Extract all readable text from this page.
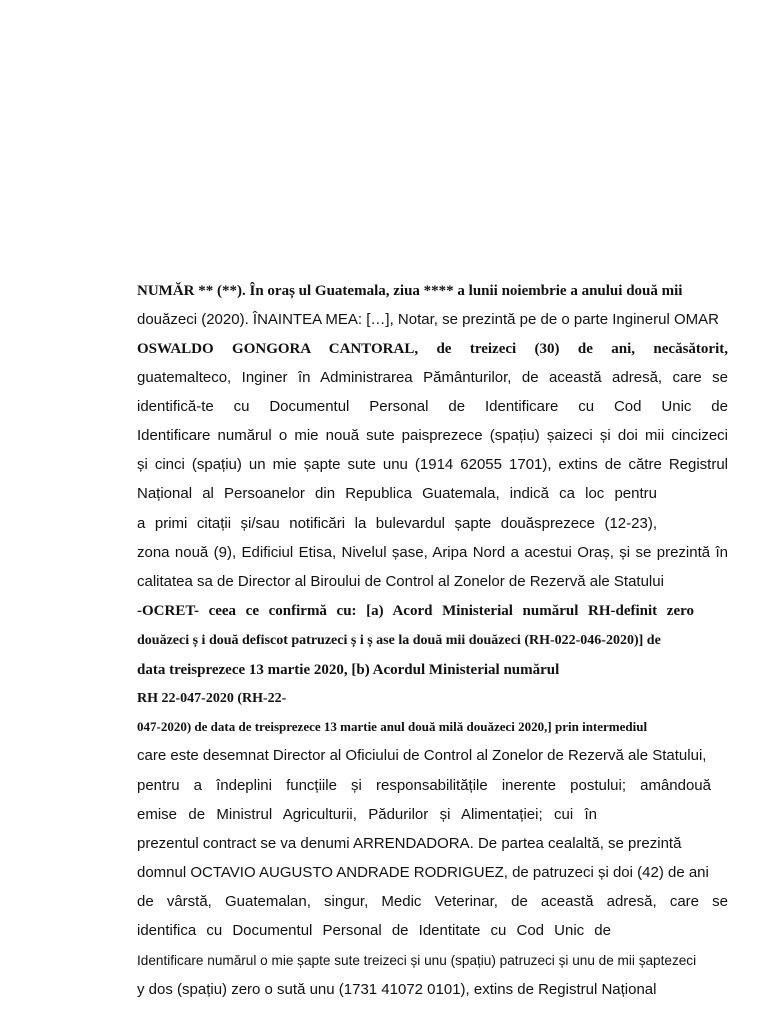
NUMĂR ** (**). În oraș ul Guatemala, ziua **** a lunii noiembrie a anului două mii
douăzeci (2020). ÎNAINTEA MEA: […], Notar, se prezintă pe de o parte Inginerul OMAR
OSWALDO GONGORA CANTORAL, de treizeci (30) de ani, necăsătorit,
guatemalteco, Inginer în Administrarea Pământurilor, de această adresă, care se
identifică-te cu Documentul Personal de Identificare cu Cod Unic de
Identificare numărul o mie nouă sute paisprezece (spațiu) șaizeci și doi mii cincizeci
și cinci (spațiu) un mie șapte sute unu (1914 62055 1701), extins de către Registrul
Național al Persoanelor din Republica Guatemala, indică ca loc pentru
a primi citații și/sau notificări la bulevardul șapte douăsprezece (12-23),
zona nouă (9), Edificiul Etisa, Nivelul șase, Aripa Nord a acestui Oraș, și se prezintă în
calitatea sa de Director al Biroului de Control al Zonelor de Rezervă ale Statului
-OCRET- ceea ce confirmă cu: [a) Acord Ministerial numărul RH-definit zero
douăzeci ș i două defiscot patruzeci ș i ș ase la două mii douăzeci (RH-022-046-2020)] de
data treisprezece 13 martie 2020, [b) Acordul Ministerial numărul
RH 22-047-2020 (RH-22-
047-2020) de data de treisprezece 13 martie anul două milă douăzeci 2020,] prin intermediul
care este desemnat Director al Oficiului de Control al Zonelor de Rezervă ale Statului,
pentru a îndeplini funcțiile și responsabilitățile inerente postului; amândouă
emise de Ministrul Agriculturii, Pădurilor și Alimentației; cui în
prezentul contract se va denumi ARRENDADORA. De partea cealaltă, se prezintă
domnul OCTAVIO AUGUSTO ANDRADE RODRIGUEZ, de patruzeci și doi (42) de ani
de vârstă, Guatemalan, singur, Medic Veterinar, de această adresă, care se
identifica cu Documentul Personal de Identitate cu Cod Unic de
Identificare numărul o mie șapte sute treizeci și unu (spațiu) patruzeci și unu de mii șaptezeci
y dos (spațiu) zero o sută unu (1731 41072 0101), extins de Registrul Național
